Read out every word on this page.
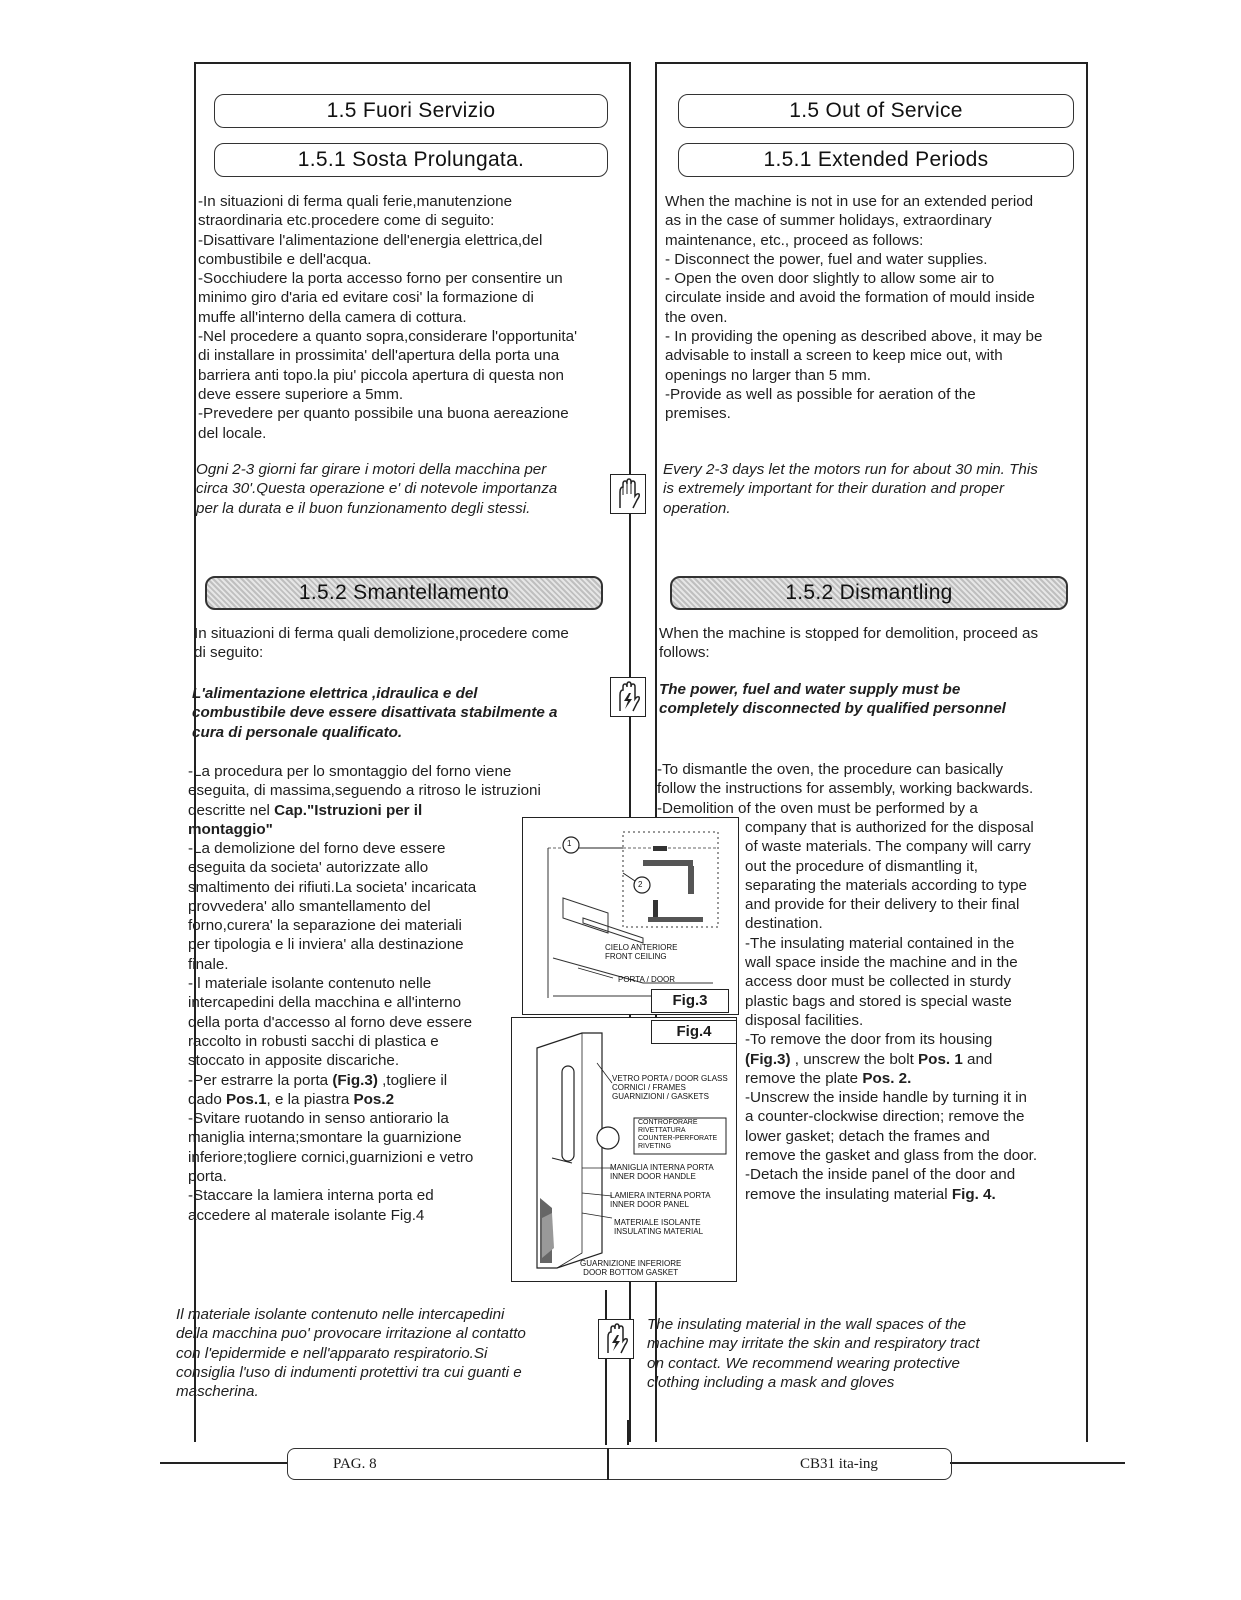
1.5 Fuori Servizio
1.5.1 Sosta Prolungata.

-In situazioni di ferma quali ferie,manutenzione

straordinaria etc.procedere come di seguito:

-Disattivare l'alimentazione dell'energia elettrica,del

combustibile e dell'acqua.

-Socchiudere la porta accesso forno per consentire un

minimo giro d'aria ed evitare cosi' la formazione di

muffe all'interno della camera di cottura.

-Nel procedere a quanto sopra,considerare l'opportunita'

di installare in prossimita' dell'apertura della porta una

barriera anti topo.la piu' piccola apertura di questa non

deve essere superiore a 5mm.

-Prevedere per quanto possibile una buona aereazione

del locale.

Ogni 2-3 giorni far girare i motori della macchina per

circa 30'.Questa operazione e' di notevole importanza

per la durata e il buon funzionamento degli stessi.

1.5.2 Smantellamento

In situazioni di ferma quali demolizione,procedere come

di seguito:

L'alimentazione elettrica ,idraulica e del

combustibile deve essere disattivata stabilmente a

cura di personale qualificato.

-La procedura per lo smontaggio del forno viene

eseguita, di massima,seguendo a ritroso le istruzioni

descritte nel Cap."Istruzioni per il

montaggio"

-La demolizione del forno deve essere

eseguita da societa' autorizzate allo

smaltimento dei rifiuti.La societa' incaricata

provvedera' allo smantellamento del

forno,curera' la separazione dei materiali

per tipologia e li inviera' alla destinazione

finale.

-Il materiale isolante contenuto nelle

intercapedini della macchina e all'interno

della porta d'accesso al forno deve essere

raccolto in robusti sacchi di plastica e

stoccato in apposite discariche.

-Per estrarre la porta (Fig.3) ,togliere il

dado Pos.1, e la piastra Pos.2

-Svitare ruotando in senso antiorario la

maniglia interna;smontare la guarnizione

inferiore;togliere cornici,guarnizioni e vetro

porta.

-Staccare la lamiera interna porta ed

accedere al materale isolante Fig.4

Il materiale isolante contenuto nelle intercapedini

della macchina puo' provocare irritazione al contatto

con l'epidermide e nell'apparato respiratorio.Si

consiglia l'uso di indumenti protettivi tra cui guanti e

mascherina.

1.5 Out of Service
1.5.1 Extended Periods

When the machine is not in use for an extended period

as in the case of summer holidays, extraordinary

maintenance, etc., proceed as follows:

- Disconnect the power, fuel and water supplies.

- Open the oven door slightly to allow some air to

circulate inside and avoid the formation of mould inside

the oven.

- In providing the opening as described above, it may be

advisable to install a screen to keep mice out, with

openings no larger than 5 mm.

-Provide as well as possible for aeration of the

premises.

Every 2-3 days let the motors run for about 30 min. This

is extremely important for their duration and proper

operation.

1.5.2 Dismantling

When the machine is stopped for demolition, proceed as

follows:

The power, fuel and water supply must be

completely disconnected by qualified personnel

-To dismantle the oven, the procedure can basically

follow the instructions for assembly, working backwards.

-Demolition of the oven must be performed by a

company that is authorized for the disposal

of waste materials. The company will carry

out the procedure of dismantling it,

separating the materials according to type

and provide for their delivery to their final

destination.

-The insulating material contained in the

wall space inside the machine and in the

access door must be collected in sturdy

plastic bags and stored is special waste

disposal facilities.

-To remove the door from its housing

(Fig.3) , unscrew the bolt Pos. 1 and

remove the plate Pos. 2.

-Unscrew the inside handle by turning it in

a counter-clockwise direction; remove the

lower gasket; detach the frames and

remove the gasket and glass from the door.

-Detach the inside panel of the door and

remove the insulating material Fig. 4.

The insulating material in the wall spaces of the

machine may irritate the skin and respiratory tract

on contact. We recommend wearing protective

clothing including a mask and gloves

1
2
CIELO ANTERIORE
FRONT CEILING
PORTA / DOOR
Fig.3
VETRO PORTA / DOOR GLASS
CORNICI / FRAMES
GUARNIZIONI / GASKETS
CONTROFORARE
RIVETTATURA
COUNTER-PERFORATE
RIVETING
MANIGLIA INTERNA PORTA
INNER DOOR HANDLE
LAMIERA INTERNA PORTA
INNER DOOR PANEL
MATERIALE ISOLANTE
INSULATING MATERIAL
GUARNIZIONE INFERIORE
DOOR BOTTOM GASKET
Fig.4
PAG. 8	CB31 ita-ing
